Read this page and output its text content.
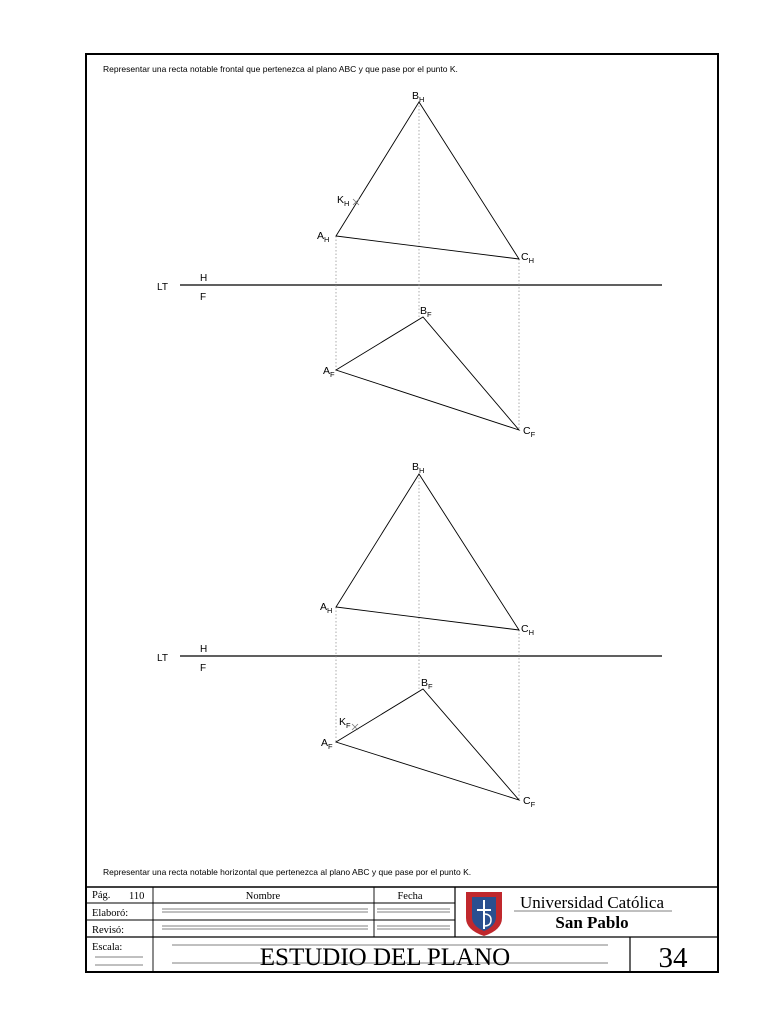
Representar una recta notable frontal que pertenezca al plano ABC y que pase por el punto K.
LT
H
F
$B_H$
$K_H$
$A_H$
$C_H$
$B_F$
$A_F$
$C_F$
LT
H
F
$B_H$
$A_H$
$C_H$
$B_F$
$K_F$
$A_F$
$C_F$
Representar una recta notable horizontal que pertenezca al plano ABC y que pase por el punto K.
Pág. 110	Nombre	Fecha
Elaboró:
Revisó:
Escala:
Universidad Católica
San Pablo
ESTUDIO DEL PLANO	34
